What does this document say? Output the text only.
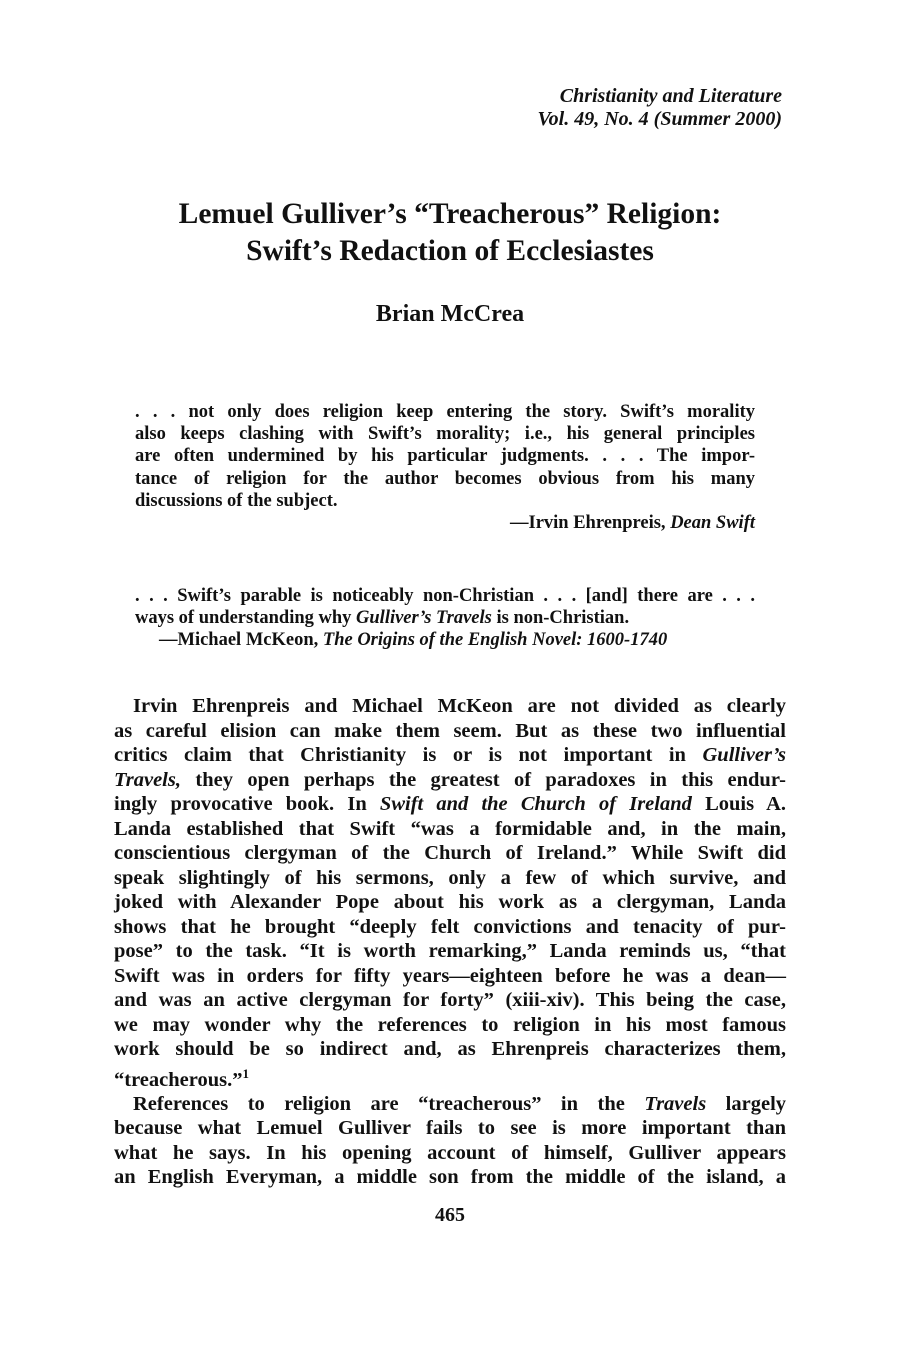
Christianity and Literature
Vol. 49, No. 4 (Summer 2000)
Lemuel Gulliver’s “Treacherous” Religion:
Swift’s Redaction of Ecclesiastes
Brian McCrea
. . . not only does religion keep entering the story. Swift’s morality
also keeps clashing with Swift’s morality; i.e., his general principles
are often undermined by his particular judgments. . . . The impor-
tance of religion for the author becomes obvious from his many
discussions of the subject.
—Irvin Ehrenpreis, Dean Swift
. . . Swift’s parable is noticeably non-Christian . . . [and] there are . . .
ways of understanding why Gulliver’s Travels is non-Christian.
—Michael McKeon, The Origins of the English Novel: 1600-1740
Irvin Ehrenpreis and Michael McKeon are not divided as clearly
as careful elision can make them seem. But as these two influential
critics claim that Christianity is or is not important in Gulliver’s
Travels, they open perhaps the greatest of paradoxes in this endur-
ingly provocative book. In Swift and the Church of Ireland Louis A.
Landa established that Swift “was a formidable and, in the main,
conscientious clergyman of the Church of Ireland.” While Swift did
speak slightingly of his sermons, only a few of which survive, and
joked with Alexander Pope about his work as a clergyman, Landa
shows that he brought “deeply felt convictions and tenacity of pur-
pose” to the task. “It is worth remarking,” Landa reminds us, “that
Swift was in orders for fifty years—eighteen before he was a dean—
and was an active clergyman for forty” (xiii-xiv). This being the case,
we may wonder why the references to religion in his most famous
work should be so indirect and, as Ehrenpreis characterizes them,
“treacherous.”$^1$
References to religion are “treacherous” in the Travels largely
because what Lemuel Gulliver fails to see is more important than
what he says. In his opening account of himself, Gulliver appears
an English Everyman, a middle son from the middle of the island, a
465
